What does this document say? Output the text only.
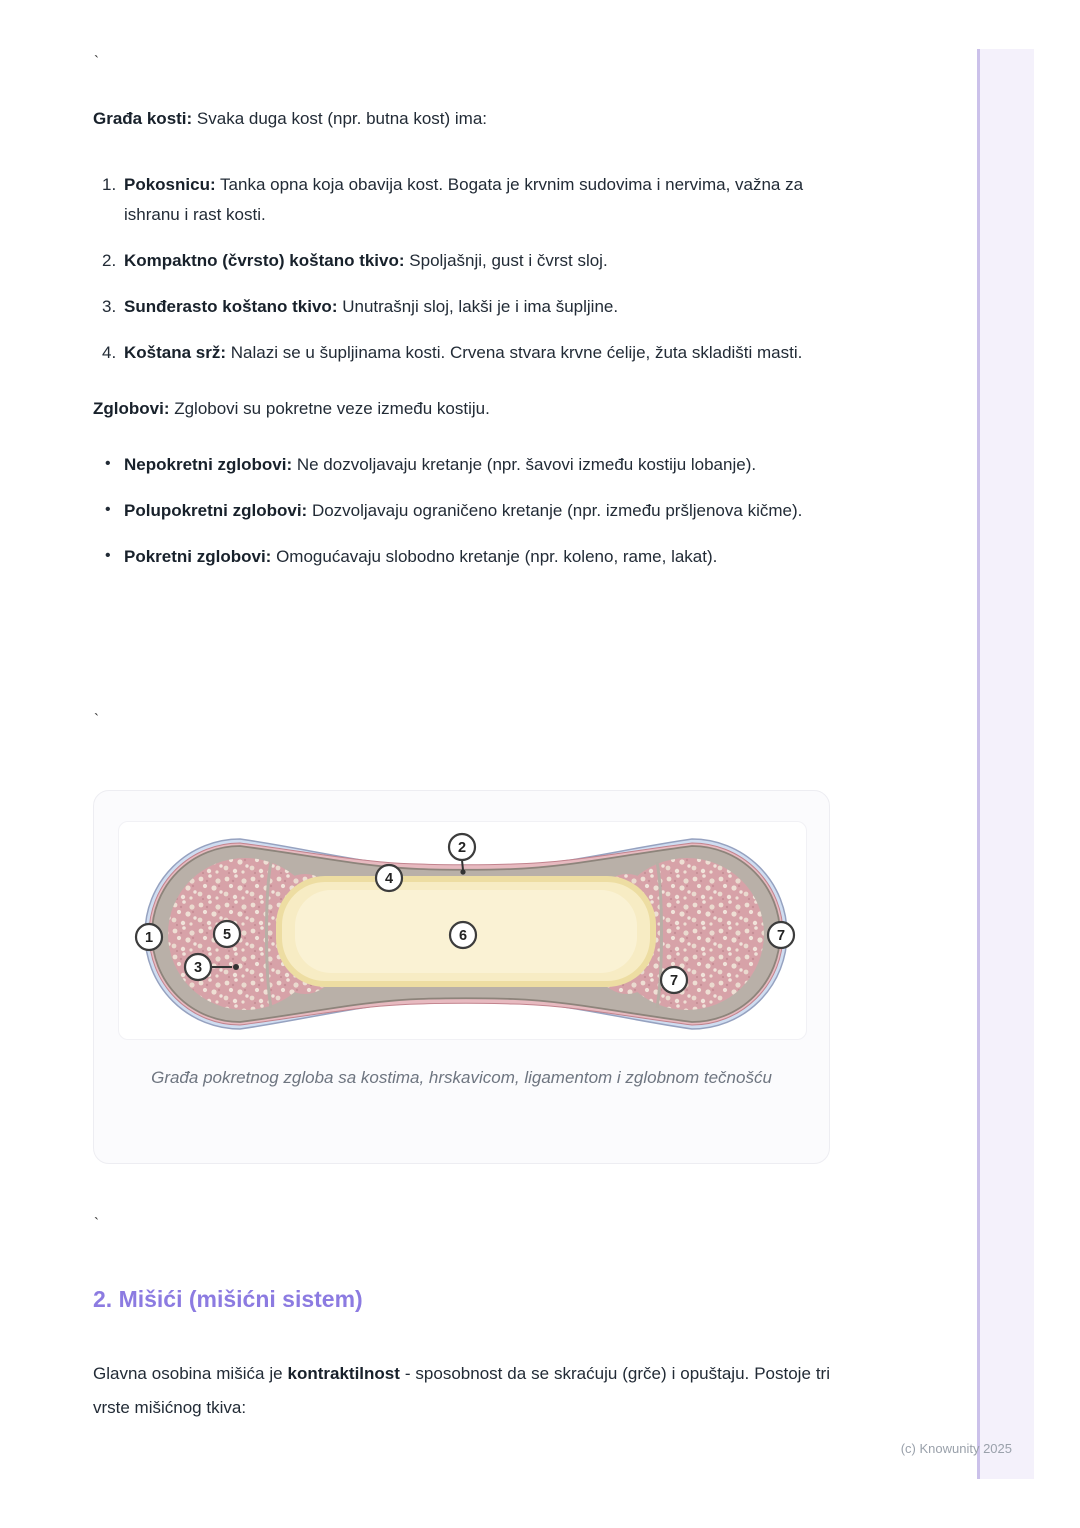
`
`
`

Građa kosti: Svaka duga kost (npr. butna kost) ima:

1. Pokosnicu: Tanka opna koja obavija kost. Bogata je krvnim sudovima i nervima, važna za ishranu i rast kosti.
2. Kompaktno (čvrsto) koštano tkivo: Spoljašnji, gust i čvrst sloj.
3. Sunđerasto koštano tkivo: Unutrašnji sloj, lakši je i ima šupljine.
4. Koštana srž: Nalazi se u šupljinama kosti. Crvena stvara krvne ćelije, žuta skladišti masti.

Zglobovi: Zglobovi su pokretne veze između kostiju.

• Nepokretni zglobovi: Ne dozvoljavaju kretanje (npr. šavovi između kostiju lobanje).
• Polupokretni zglobovi: Dozvoljavaju ograničeno kretanje (npr. između pršljenova kičme).
• Pokretni zglobovi: Omogućavaju slobodno kretanje (npr. koleno, rame, lakat).
1
2
3
4
5	6	7
7
Građa pokretnog zgloba sa kostima, hrskavicom, ligamentom i zglobnom tečnošću
2. Mišići (mišićni sistem)

Glavna osobina mišića je kontraktilnost - sposobnost da se skraćuju (grče) i opuštaju. Postoje tri vrste mišićnog tkiva:

(c) Knowunity 2025
